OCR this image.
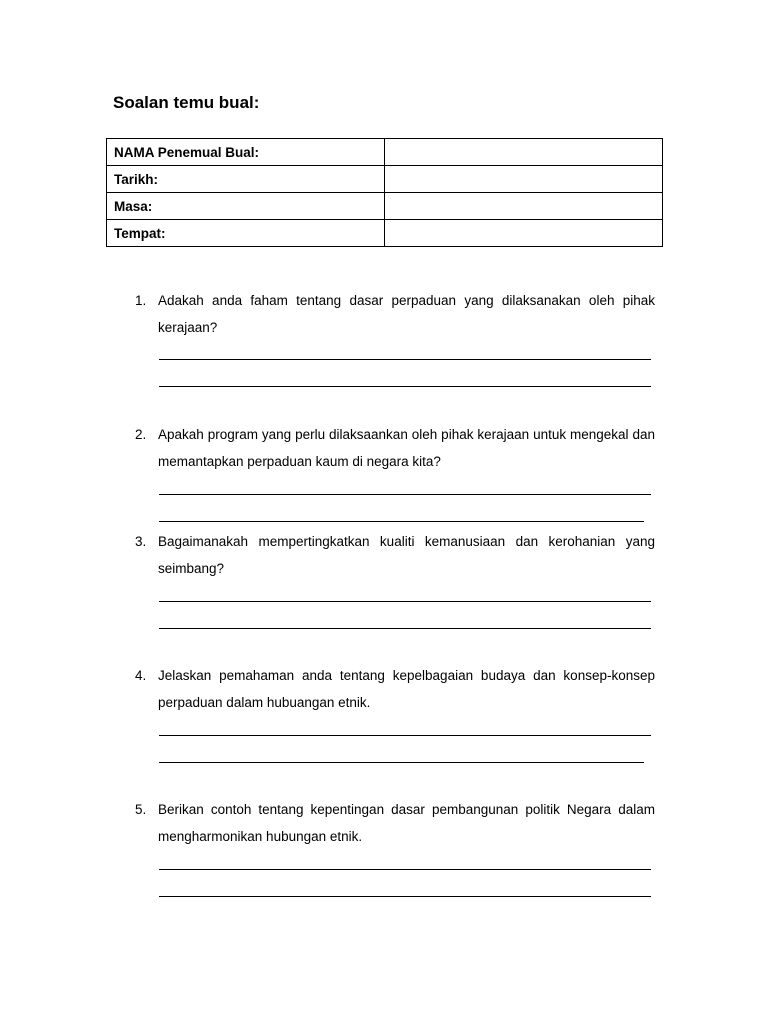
Soalan temu bual:
NAMA Penemual Bual:	
Tarikh:	
Masa:	
Tempat:	
1. Adakah anda faham tentang dasar perpaduan yang dilaksanakan oleh pihak kerajaan?
2. Apakah program yang perlu dilaksaankan oleh pihak kerajaan untuk mengekal dan memantapkan perpaduan kaum di negara kita?
3. Bagaimanakah mempertingkatkan kualiti kemanusiaan dan kerohanian yang seimbang?
4. Jelaskan pemahaman anda tentang kepelbagaian budaya dan konsep-konsep perpaduan dalam hubuangan etnik.
5. Berikan contoh tentang kepentingan dasar pembangunan politik Negara dalam mengharmonikan hubungan etnik.
